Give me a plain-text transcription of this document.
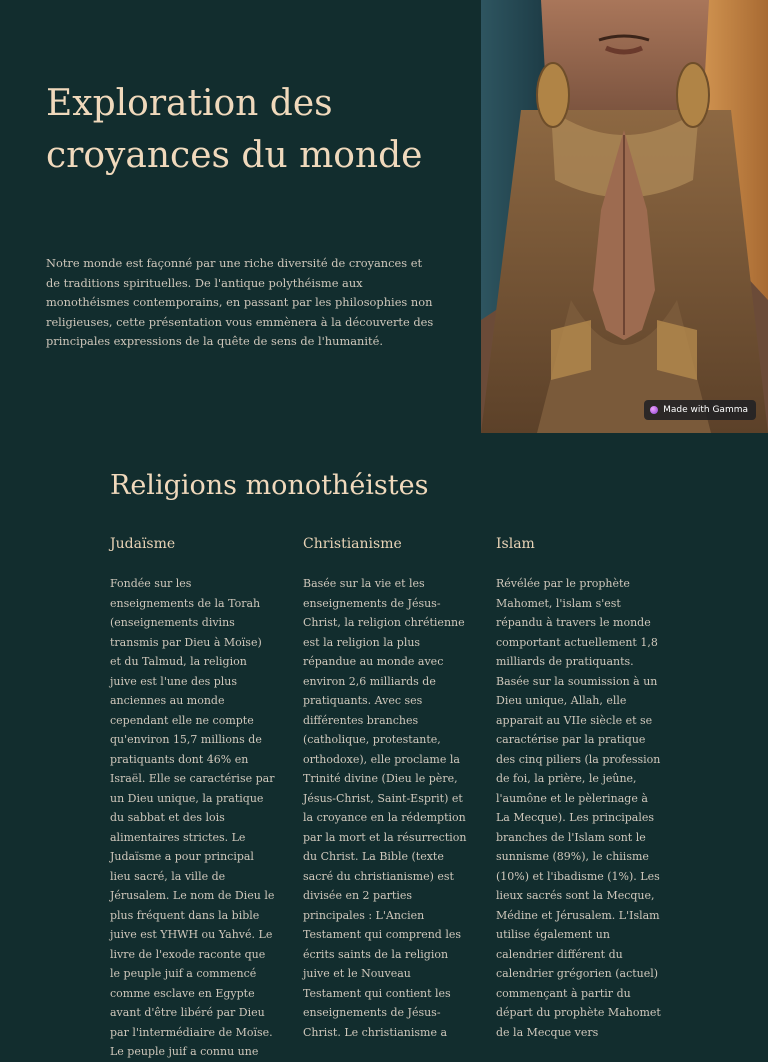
Exploration des croyances du monde

Notre monde est façonné par une riche diversité de croyances et de traditions spirituelles. De l'antique polythéisme aux monothéismes contemporains, en passant par les philosophies non religieuses, cette présentation vous emmènera à la découverte des principales expressions de la quête de sens de l'humanité.

Made with Gamma
Religions monothéistes
Judaïsme

Fondée sur les enseignements de la Torah (enseignements divins transmis par Dieu à Moïse) et du Talmud, la religion juive est l'une des plus anciennes au monde cependant elle ne compte qu'environ 15,7 millions de pratiquants dont 46% en Israël. Elle se caractérise par un Dieu unique, la pratique du sabbat et des lois alimentaires strictes. Le Judaïsme a pour principal lieu sacré, la ville de Jérusalem. Le nom de Dieu le plus fréquent dans la bible juive est YHWH ou Yahvé. Le livre de l'exode raconte que le peuple juif a commencé comme esclave en Egypte avant d'être libéré par Dieu par l'intermédiaire de Moïse. Le peuple juif a connu une

Christianisme

Basée sur la vie et les enseignements de Jésus-Christ, la religion chrétienne est la religion la plus répandue au monde avec environ 2,6 milliards de pratiquants. Avec ses différentes branches (catholique, protestante, orthodoxe), elle proclame la Trinité divine (Dieu le père, Jésus-Christ, Saint-Esprit) et la croyance en la rédemption par la mort et la résurrection du Christ. La Bible (texte sacré du christianisme) est divisée en 2 parties principales : L'Ancien Testament qui comprend les écrits saints de la religion juive et le Nouveau Testament qui contient les enseignements de Jésus-Christ. Le christianisme a

Islam

Révélée par le prophète Mahomet, l'islam s'est répandu à travers le monde comportant actuellement 1,8 milliards de pratiquants. Basée sur la soumission à un Dieu unique, Allah, elle apparait au VIIe siècle et se caractérise par la pratique des cinq piliers (la profession de foi, la prière, le jeûne, l'aumône et le pèlerinage à La Mecque). Les principales branches de l'Islam sont le sunnisme (89%), le chiisme (10%) et l'ibadisme (1%). Les lieux sacrés sont la Mecque, Médine et Jérusalem. L'Islam utilise également un calendrier différent du calendrier grégorien (actuel) commençant à partir du départ du prophète Mahomet de la Mecque vers
